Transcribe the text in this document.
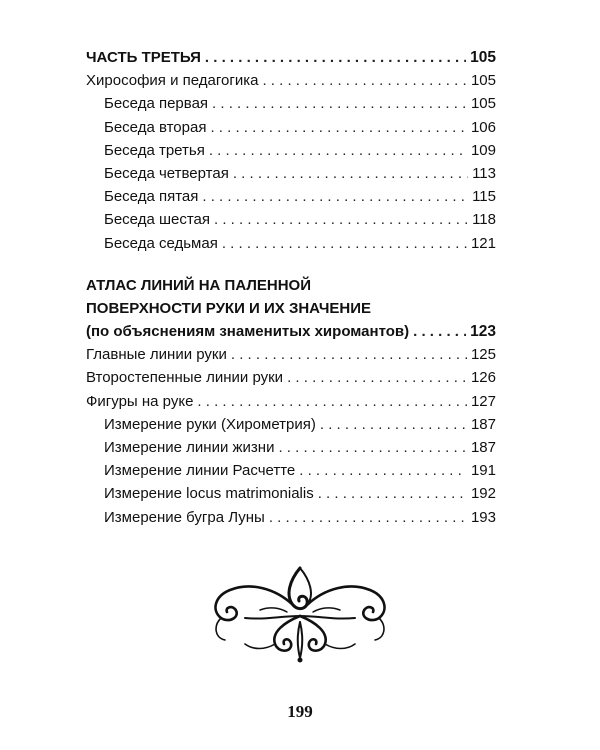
ЧАСТЬ ТРЕТЬЯ . . .	105
Хирософия и педагогика . . .	105
Беседа первая . . .	105
Беседа вторая . . .	106
Беседа третья . . .	109
Беседа четвертая . . .	113
Беседа пятая . . .	115
Беседа шестая . . .	118
Беседа седьмая . . .	121
АТЛАС ЛИНИЙ НА ПАЛЕННОЙ
ПОВЕРХНОСТИ РУКИ И ИХ ЗНАЧЕНИЕ
(по объяснениям знаменитых хиромантов) . . .	123
Главные линии руки . . .	125
Второстепенные линии руки . . .	126
Фигуры на руке . . .	127
Измерение руки (Хирометрия) . . .	187
Измерение линии жизни . . .	187
Измерение линии Расчетте . . .	191
Измерение locus matrimonialis . . .	192
Измерение бугра Луны . . .	193
199
